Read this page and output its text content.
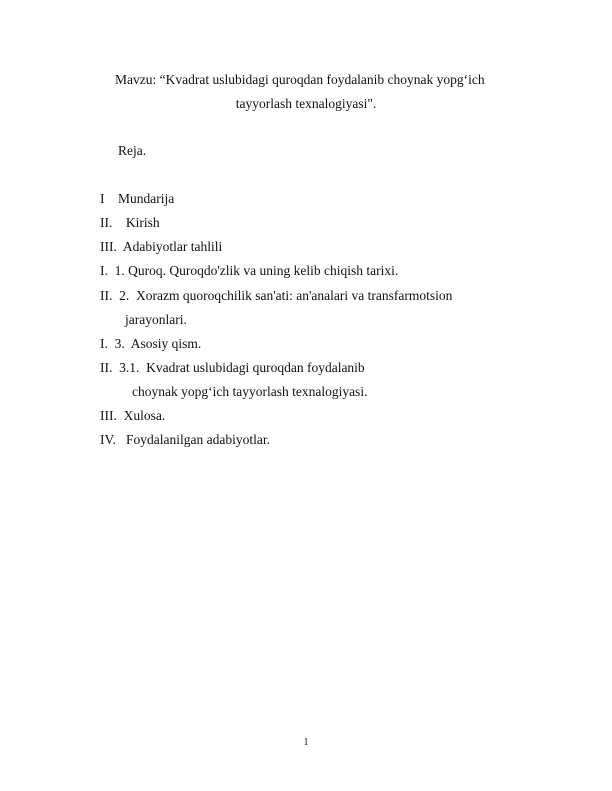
Mavzu: “Kvadrat uslubidagi quroqdan foydalanib choynak yopg‘ich

tayyorlash texnalogiyasi".

Reja.

I    Mundarija

II.    Kirish

III.  Adabiyotlar tahlili

I.  1. Quroq. Quroqdo'zlik va uning kelib chiqish tarixi.

II.  2.  Xorazm quoroqchilik san'ati: an'analari va transfarmotsion

jarayonlari.

I.  3.  Asosiy qism.

II.  3.1.  Kvadrat uslubidagi quroqdan foydalanib

choynak yopg‘ich tayyorlash texnalogiyasi.

III.  Xulosa.

IV.   Foydalanilgan adabiyotlar.

1
